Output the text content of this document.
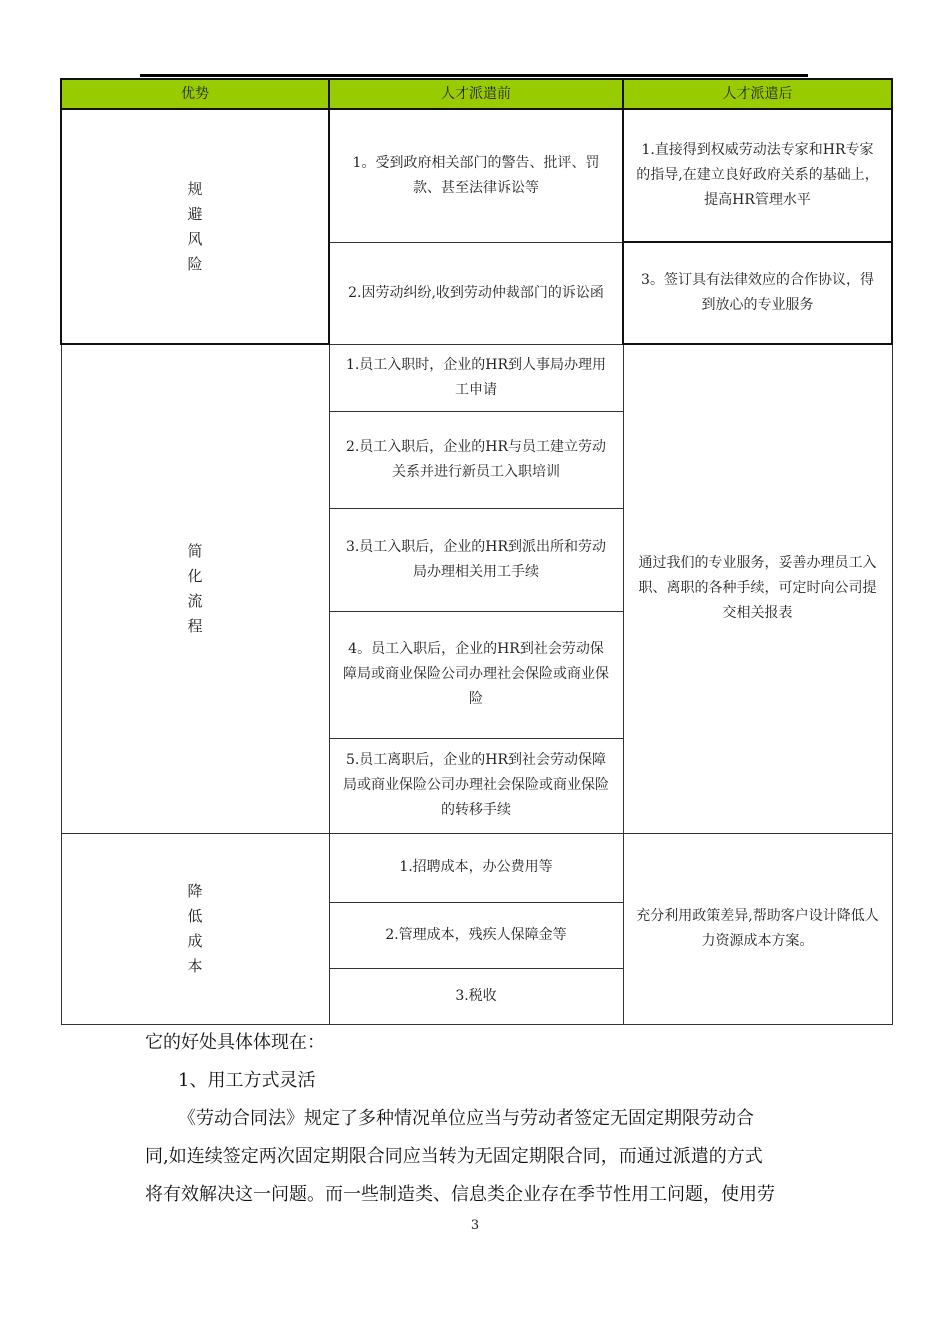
优势	人才派遣前	人才派遣后

规避风险	1。受到政府相关部门的警告、批评、罚款、甚至法律诉讼等	1.直接得到权威劳动法专家和HR专家的指导,在建立良好政府关系的基础上，提高HR管理水平
	2.因劳动纠纷,收到劳动仲裁部门的诉讼函	3。签订具有法律效应的合作协议，得到放心的专业服务

简化流程	1.员工入职时，企业的HR到人事局办理用工申请	通过我们的专业服务，妥善办理员工入职、离职的各种手续，可定时向公司提交相关报表
	2.员工入职后，企业的HR与员工建立劳动关系并进行新员工入职培训	
	3.员工入职后，企业的HR到派出所和劳动局办理相关用工手续	
	4。员工入职后，企业的HR到社会劳动保障局或商业保险公司办理社会保险或商业保险	
	5.员工离职后，企业的HR到社会劳动保障局或商业保险公司办理社会保险或商业保险的转移手续	

降低成本	1.招聘成本，办公费用等	充分利用政策差异,帮助客户设计降低人力资源成本方案。
	2.管理成本，残疾人保障金等	
	3.税收	
它的好处具体体现在：
1、用工方式灵活
《劳动合同法》规定了多种情况单位应当与劳动者签定无固定期限劳动合
同,如连续签定两次固定期限合同应当转为无固定期限合同，而通过派遣的方式
将有效解决这一问题。而一些制造类、信息类企业存在季节性用工问题，使用劳
3
